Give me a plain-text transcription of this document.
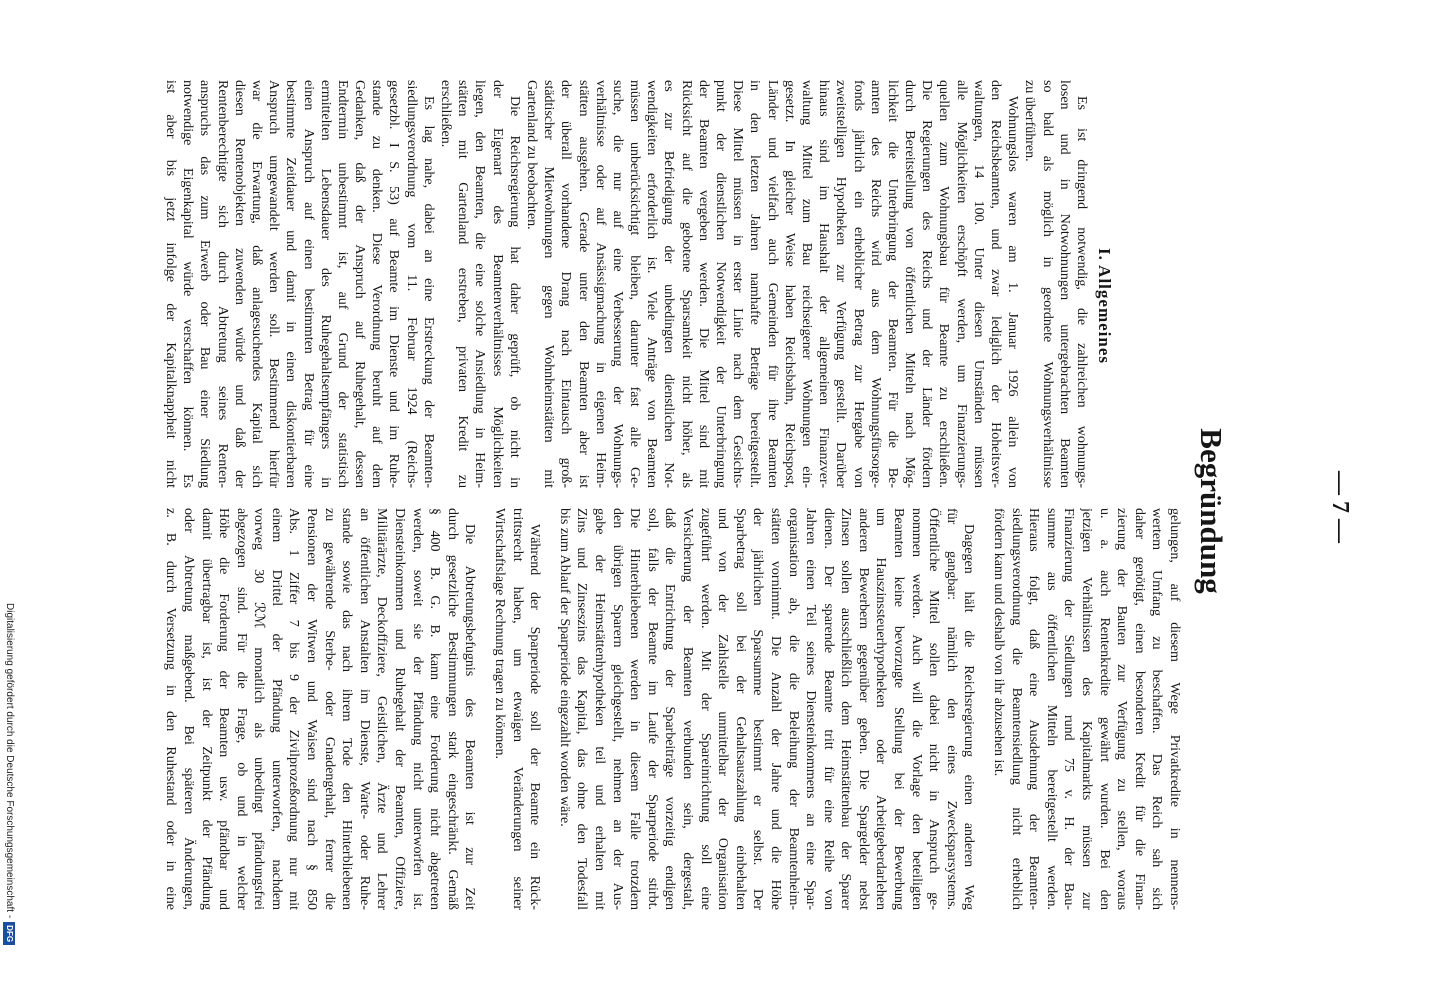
— 7 —
Begründung
I. Allgemeines
Es ist dringend notwendig, die zahlreichen wohnungs-
losen und in Notwohnungen untergebrachten Beamten
so bald als möglich in geordnete Wohnungsverhältnisse
zu überführen.
Wohnungslos waren am 1. Januar 1926 allein von
den Reichsbeamten, und zwar lediglich der Hoheitsver-
waltungen, 14 100. Unter diesen Umständen müssen
alle Möglichkeiten erschöpft werden, um Finanzierungs-
quellen zum Wohnungsbau für Beamte zu erschließen.
Die Regierungen des Reichs und der Länder fördern
durch Bereitstellung von öffentlichen Mitteln nach Mög-
lichkeit die Unterbringung der Beamten. Für die Be-
amten des Reichs wird aus dem Wohnungsfürsorge-
fonds jährlich ein erheblicher Betrag zur Hergabe von
zweitstelligen Hypotheken zur Verfügung gestellt. Darüber
hinaus sind im Haushalt der allgemeinen Finanzver-
waltung Mittel zum Bau reichseigener Wohnungen ein-
gesetzt. In gleicher Weise haben Reichsbahn, Reichspost,
Länder und vielfach auch Gemeinden für ihre Beamten
in den letzten Jahren namhafte Beträge bereitgestellt.
Diese Mittel müssen in erster Linie nach dem Gesichts-
punkt der dienstlichen Notwendigkeit der Unterbringung
der Beamten vergeben werden. Die Mittel sind mit
Rücksicht auf die gebotene Sparsamkeit nicht höher, als
es zur Befriedigung der unbedingten dienstlichen Not-
wendigkeiten erforderlich ist. Viele Anträge von Beamten
müssen unberücksichtigt bleiben, darunter fast alle Ge-
suche, die nur auf eine Verbesserung der Wohnungs-
verhältnisse oder auf Ansässigmachung in eigenen Heim-
stätten ausgehen. Gerade unter den Beamten aber ist
der überall vorhandene Drang nach Eintausch groß-
städtischer Mietwohnungen gegen Wohnheimstätten mit
Gartenland zu beobachten.
Die Reichsregierung hat daher geprüft, ob nicht in
der Eigenart des Beamtenverhältnisses Möglichkeiten
liegen, den Beamten, die eine solche Ansiedlung in Heim-
stätten mit Gartenland erstreben, privaten Kredit zu
erschließen.
Es lag nahe, dabei an eine Erstreckung der Beamten-
siedlungsverordnung vom 11. Februar 1924 (Reichs-
gesetzbl. I S. 53) auf Beamte im Dienste und im Ruhe-
stande zu denken. Diese Verordnung beruht auf dem
Gedanken, daß der Anspruch auf Ruhegehalt, dessen
Endtermin unbestimmt ist, auf Grund der statistisch
ermittelten Lebensdauer des Ruhegehaltsempfängers in
einen Anspruch auf einen bestimmten Betrag für eine
bestimmte Zeitdauer und damit in einen diskontierbaren
Anspruch umgewandelt werden soll. Bestimmend hierfür
war die Erwartung, daß anlagesuchendes Kapital sich
diesen Rentenobjekten zuwenden würde und daß der
Rentenberechtigte sich durch Abtretung seines Renten-
anspruchs das zum Erwerb oder Bau einer Siedlung
notwendige Eigenkapital würde verschaffen können. Es
ist aber bis jetzt infolge der Kapitalknappheit nicht
gelungen, auf diesem Wege Privatkredite in nennens-
wertem Umfang zu beschaffen. Das Reich sah sich
daher genötigt, einen besonderen Kredit für die Finan-
zierung der Bauten zur Verfügung zu stellen, woraus
u. a. auch Rentenkredite gewährt wurden. Bei den
jetzigen Verhältnissen des Kapitalmarkts müssen zur
Finanzierung der Siedlungen rund 75 v. H. der Bau-
summe aus öffentlichen Mitteln bereitgestellt werden.
Hieraus folgt, daß eine Ausdehnung der Beamten-
siedlungsverordnung die Beamtensiedlung nicht erheblich
fördern kann und deshalb von ihr abzusehen ist.
Dagegen hält die Reichsregierung einen anderen Weg
für gangbar: nämlich den eines Zwecksparsystems.
Öffentliche Mittel sollen dabei nicht in Anspruch ge-
nommen werden. Auch will die Vorlage den beteiligten
Beamten keine bevorzugte Stellung bei der Bewerbung
um Hauszinssteuerhypotheken oder Arbeitgeberdarlehen
anderen Bewerbern gegenüber geben. Die Spargelder nebst
Zinsen sollen ausschließlich dem Heimstättenbau der Sparer
dienen. Der sparende Beamte tritt für eine Reihe von
Jahren einen Teil seines Diensteinkommens an eine Spar-
organisation ab, die die Beleihung der Beamtenheim-
stätten vornimmt. Die Anzahl der Jahre und die Höhe
der jährlichen Sparsumme bestimmt er selbst. Der
Sparbetrag soll bei der Gehaltsauszahlung einbehalten
und von der Zahlstelle unmittelbar der Organisation
zugeführt werden. Mit der Spareinrichtung soll eine
Versicherung der Beamten verbunden sein, dergestalt,
daß die Entrichtung der Sparbeiträge vorzeitig endigen
soll, falls der Beamte im Laufe der Sparperiode stirbt.
Die Hinterbliebenen werden in diesem Falle trotzdem
den übrigen Sparern gleichgestellt, nehmen an der Aus-
gabe der Heimstättenhypotheken teil und erhalten mit
Zins und Zinseszins das Kapital, das ohne den Todesfall
bis zum Ablauf der Sparperiode eingezahlt worden wäre.
Während der Sparperiode soll der Beamte ein Rück-
trittsrecht haben, um etwaigen Veränderungen seiner
Wirtschaftslage Rechnung tragen zu können.
Die Abtretungsbefugnis des Beamten ist zur Zeit
durch gesetzliche Bestimmungen stark eingeschränkt. Gemäß
§ 400 B. G. B. kann eine Forderung nicht abgetreten
werden, soweit sie der Pfändung nicht unterworfen ist.
Diensteinkommen und Ruhegehalt der Beamten, Offiziere,
Militärärzte, Deckoffiziere, Geistlichen, Ärzte und Lehrer
an öffentlichen Anstalten im Dienste, Warte- oder Ruhe-
stande sowie das nach ihrem Tode den Hinterbliebenen
zu gewährende Sterbe- oder Gnadengehalt, ferner die
Pensionen der Witwen und Waisen sind nach § 850
Abs. 1 Ziffer 7 bis 9 der Zivilprozeßordnung nur mit
einem Drittel der Pfändung unterworfen, nachdem
vorweg 30 ℛℳ monatlich als unbedingt pfändungsfrei
abgezogen sind. Für die Frage, ob und in welcher
Höhe die Forderung der Beamten usw. pfändbar und
damit übertragbar ist, ist der Zeitpunkt der Pfändung
oder Abtretung maßgebend. Bei späteren Änderungen,
z. B. durch Versetzung in den Ruhestand oder in eine
Digitalisierung gefördert durch die Deutsche Forschungsgemeinschaft -
DFG
